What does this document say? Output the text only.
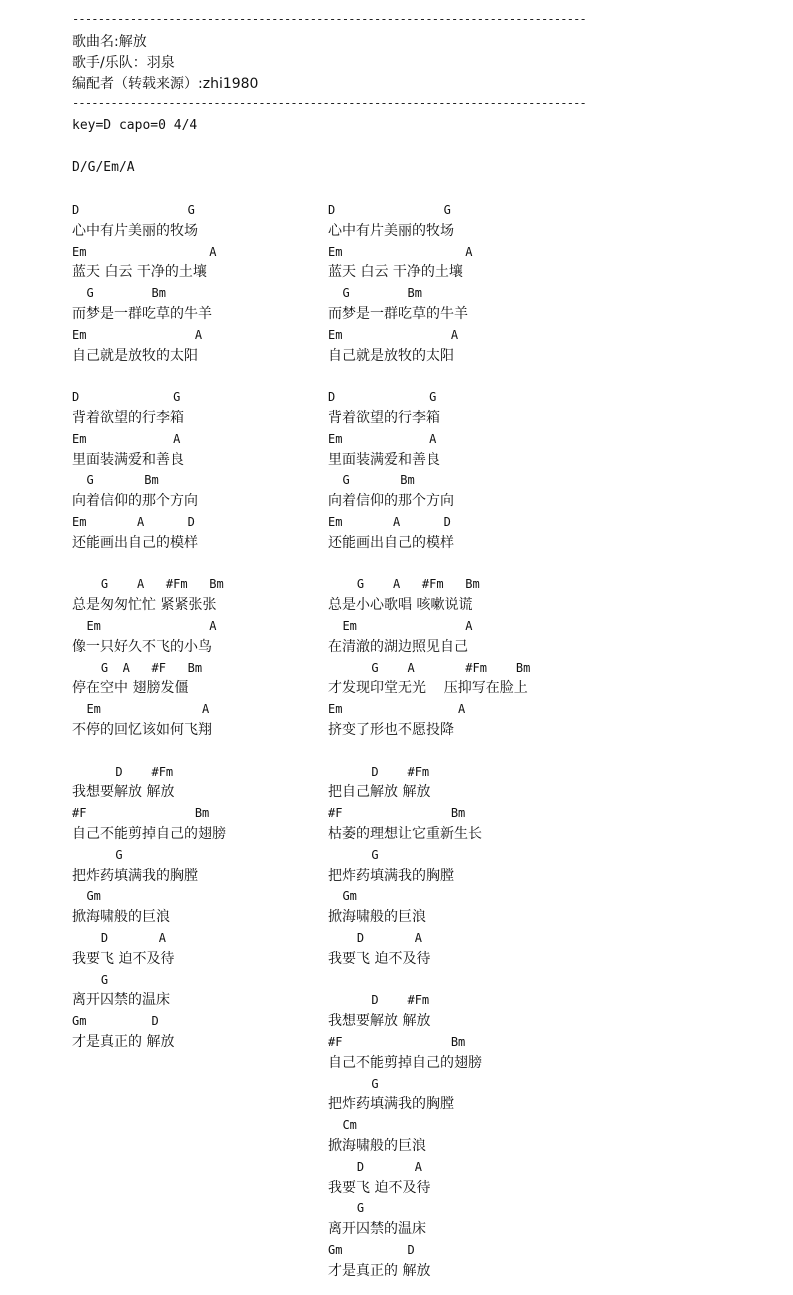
--------------------------------------------------------------------------------
歌曲名:解放
歌手/乐队：羽泉
编配者（转载来源）:zhi1980
--------------------------------------------------------------------------------
key=D capo=0 4/4
D/G/Em/A
D               G
心中有片美丽的牧场
Em                 A
蓝天 白云 干净的土壤
G        Bm
而梦是一群吃草的牛羊
Em               A
自己就是放牧的太阳
D             G
背着欲望的行李箱
Em            A
里面装满爱和善良
G       Bm
向着信仰的那个方向
Em       A      D
还能画出自己的模样
G    A   #Fm   Bm
总是匆匆忙忙 紧紧张张
Em               A
像一只好久不飞的小鸟
G  A   #F   Bm
停在空中 翅膀发僵
Em              A
不停的回忆该如何飞翔
D    #Fm
我想要解放 解放
#F               Bm
自己不能剪掉自己的翅膀
G
把炸药填满我的胸膛
Gm
掀海啸般的巨浪
D       A
我要飞 迫不及待
G
离开囚禁的温床
Gm         D
才是真正的 解放
D               G
心中有片美丽的牧场
Em                 A
蓝天 白云 干净的土壤
G        Bm
而梦是一群吃草的牛羊
Em               A
自己就是放牧的太阳
D             G
背着欲望的行李箱
Em            A
里面装满爱和善良
G       Bm
向着信仰的那个方向
Em       A      D
还能画出自己的模样
G    A   #Fm   Bm
总是小心歌唱 咳嗽说谎
Em               A
在清澈的湖边照见自己
G    A       #Fm    Bm
才发现印堂无光    压抑写在脸上
Em                A
挤变了形也不愿投降
D    #Fm
把自己解放 解放
#F               Bm
枯萎的理想让它重新生长
G
把炸药填满我的胸膛
Gm
掀海啸般的巨浪
D       A
我要飞 迫不及待
D    #Fm
我想要解放 解放
#F               Bm
自己不能剪掉自己的翅膀
G
把炸药填满我的胸膛
Cm
掀海啸般的巨浪
D       A
我要飞 迫不及待
G
离开囚禁的温床
Gm         D
才是真正的 解放
